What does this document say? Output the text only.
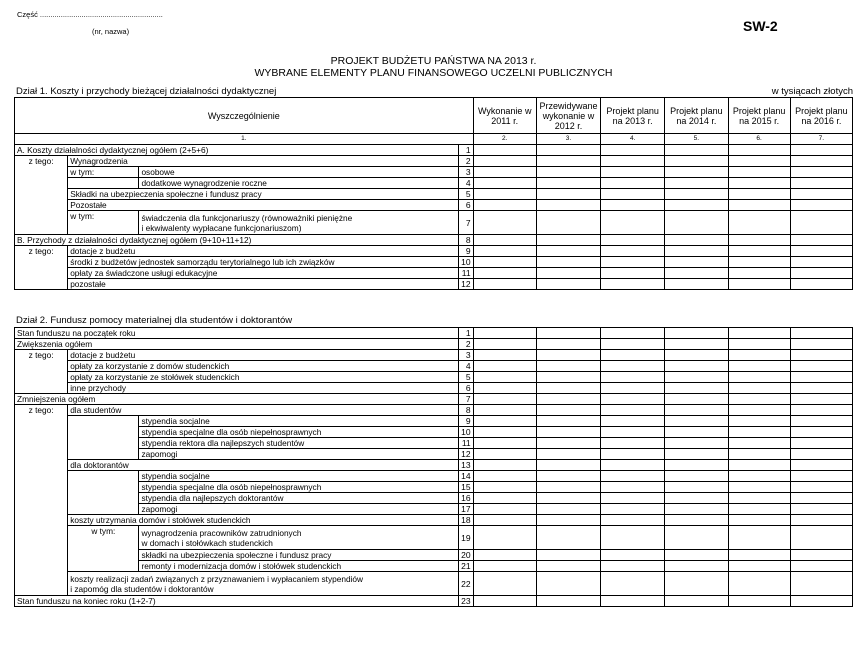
Część ...........................................................
(nr, nazwa)	SW-2
PROJEKT BUDŻETU PAŃSTWA NA 2013 r.
WYBRANE ELEMENTY PLANU FINANSOWEGO UCZELNI PUBLICZNYCH
Dział 1. Koszty i przychody bieżącej działalności dydaktycznej	w tysiącach złotych
Wyszczególnienie				Wykonanie w 2011 r.	Przewidywane wykonanie w 2012 r.	Projekt planu na 2013 r.	Projekt planu na 2014 r.	Projekt planu na 2015 r.	Projekt planu na 2016 r.
1.				2.	3.	4.	5.	6.	7.
A. Koszty działalności dydaktycznej ogółem (2+5+6)			1						
z tego:	Wynagrodzenia		2						
	w tym:	osobowe	3						
		dodatkowe wynagrodzenie roczne	4						
	Składki na ubezpieczenia społeczne i fundusz pracy		5						
	Pozostałe		6						
	w tym:	świadczenia dla funkcjonariuszy (równoważniki pieniężne
i ekwiwalenty wypłacane funkcjonariuszom)	7						
B. Przychody z działalności dydaktycznej ogółem (9+10+11+12)			8						
z tego:	dotacje z budżetu		9						
	środki z budżetów jednostek samorządu terytorialnego lub ich związków		10						
	opłaty za świadczone usługi edukacyjne		11						
	pozostałe		12						
Dział 2. Fundusz pomocy materialnej dla studentów i doktorantów
Stan funduszu na początek roku			1						
Zwiększenia ogółem			2						
z tego:	dotacje z budżetu		3						
	opłaty za korzystanie z domów studenckich		4						
	opłaty za korzystanie ze stołówek studenckich		5						
	inne przychody		6						
Zmniejszenia ogółem			7						
z tego:	dla studentów		8						
		stypendia socjalne	9						
		stypendia specjalne dla osób niepełnosprawnych	10						
		stypendia rektora dla najlepszych studentów	11						
		zapomogi	12						
	dla doktorantów		13						
		stypendia socjalne	14						
		stypendia specjalne dla osób niepełnosprawnych	15						
		stypendia dla najlepszych doktorantów	16						
		zapomogi	17						
	koszty utrzymania domów i stołówek studenckich		18						
	w tym:	wynagrodzenia pracowników zatrudnionych
w domach i stołówkach studenckich	19						
		składki na ubezpieczenia społeczne i fundusz pracy	20						
		remonty i modernizacja domów i stołówek studenckich	21						

	koszty realizacji zadań związanych z przyznawaniem i wypłacaniem stypendiów
i zapomóg dla studentów i doktorantów		22						
Stan funduszu na koniec roku (1+2-7)			23						
